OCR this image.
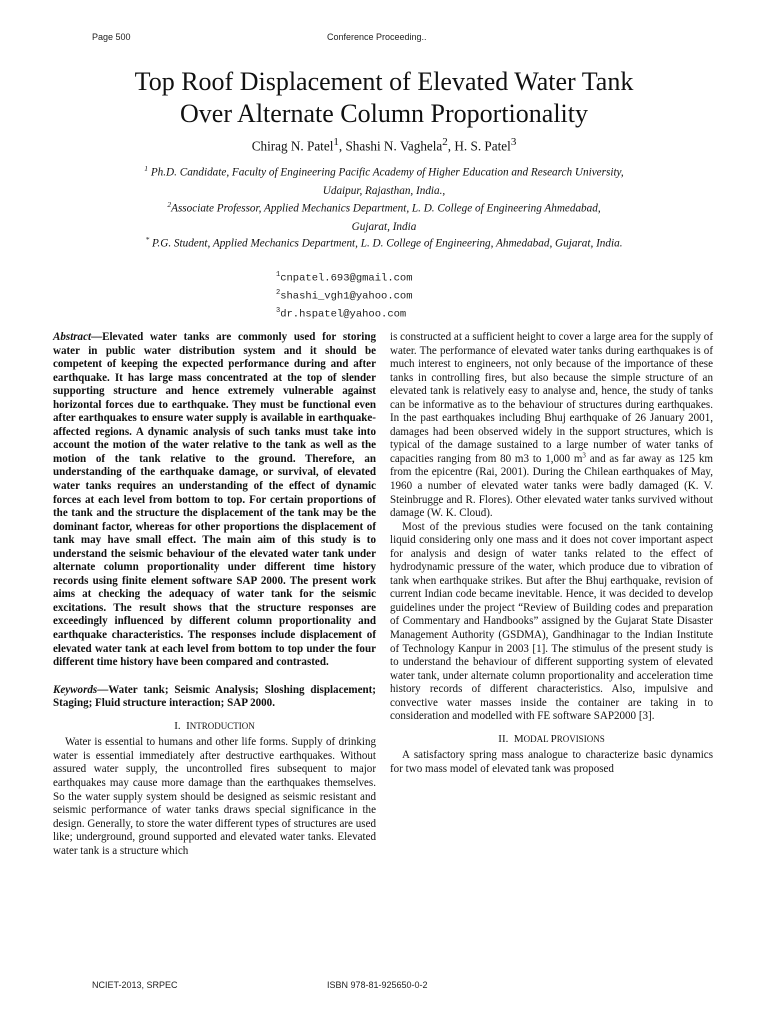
Page 500	Conference Proceeding..
Top Roof Displacement of Elevated Water Tank
Over Alternate Column Proportionality
Chirag N. Patel$^1$, Shashi N. Vaghela$^2$, H. S. Patel$^3$
$^1$ Ph.D. Candidate, Faculty of Engineering Pacific Academy of Higher Education and Research University,
Udaipur, Rajasthan, India.,
$^2$Associate Professor, Applied Mechanics Department, L. D. College of Engineering Ahmedabad,
Gujarat, India
* P.G. Student, Applied Mechanics Department, L. D. College of Engineering, Ahmedabad, Gujarat, India.
$^1$cnpatel.693@gmail.com
$^2$shashi_vgh1@yahoo.com
$^3$dr.hspatel@yahoo.com

Abstract—Elevated water tanks are commonly used for storing water in public water distribution system and it should be competent of keeping the expected performance during and after earthquake. It has large mass concentrated at the top of slender supporting structure and hence extremely vulnerable against horizontal forces due to earthquake. They must be functional even after earthquakes to ensure water supply is available in earthquake-affected regions. A dynamic analysis of such tanks must take into account the motion of the water relative to the tank as well as the motion of the tank relative to the ground. Therefore, an understanding of the earthquake damage, or survival, of elevated water tanks requires an understanding of the effect of dynamic forces at each level from bottom to top. For certain proportions of the tank and the structure the displacement of the tank may be the dominant factor, whereas for other proportions the displacement of tank may have small effect. The main aim of this study is to understand the seismic behaviour of the elevated water tank under alternate column proportionality under different time history records using finite element software SAP 2000. The present work aims at checking the adequacy of water tank for the seismic excitations. The result shows that the structure responses are exceedingly influenced by different column proportionality and earthquake characteristics. The responses include displacement of elevated water tank at each level from bottom to top under the four different time history have been compared and contrasted.

Keywords—Water tank; Seismic Analysis; Sloshing displacement; Staging; Fluid structure interaction; SAP 2000.

I. INTRODUCTION

Water is essential to humans and other life forms. Supply of drinking water is essential immediately after destructive earthquakes. Without assured water supply, the uncontrolled fires subsequent to major earthquakes may cause more damage than the earthquakes themselves. So the water supply system should be designed as seismic resistant and seismic performance of water tanks draws special significance in the design. Generally, to store the water different types of structures are used like; underground, ground supported and elevated water tanks. Elevated water tank is a structure which

is constructed at a sufficient height to cover a large area for the supply of water. The performance of elevated water tanks during earthquakes is of much interest to engineers, not only because of the importance of these tanks in controlling fires, but also because the simple structure of an elevated tank is relatively easy to analyse and, hence, the study of tanks can be informative as to the behaviour of structures during earthquakes. In the past earthquakes including Bhuj earthquake of 26 January 2001, damages had been observed widely in the support structures, which is typical of the damage sustained to a large number of water tanks of capacities ranging from 80 m3 to 1,000 $m^3$ and as far away as 125 km from the epicentre (Rai, 2001). During the Chilean earthquakes of May, 1960 a number of elevated water tanks were badly damaged (K. V. Steinbrugge and R. Flores). Other elevated water tanks survived without damage (W. K. Cloud).

Most of the previous studies were focused on the tank containing liquid considering only one mass and it does not cover important aspect for analysis and design of water tanks related to the effect of hydrodynamic pressure of the water, which produce due to vibration of tank when earthquake strikes. But after the Bhuj earthquake, revision of current Indian code became inevitable. Hence, it was decided to develop guidelines under the project “Review of Building codes and preparation of Commentary and Handbooks” assigned by the Gujarat State Disaster Management Authority (GSDMA), Gandhinagar to the Indian Institute of Technology Kanpur in 2003 [1]. The stimulus of the present study is to understand the behaviour of different supporting system of elevated water tank, under alternate column proportionality and acceleration time history records of different characteristics. Also, impulsive and convective water masses inside the container are taking in to consideration and modelled with FE software SAP2000 [3].

II. MODAL PROVISIONS

A satisfactory spring mass analogue to characterize basic dynamics for two mass model of elevated tank was proposed

NCIET-2013, SRPEC	ISBN 978-81-925650-0-2
